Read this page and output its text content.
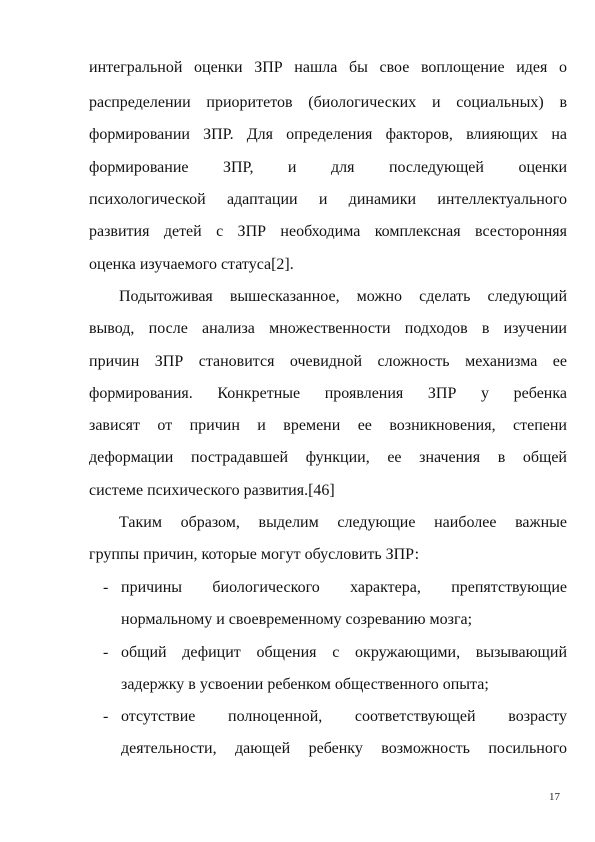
интегральной оценки ЗПР нашла бы свое воплощение идея о
распределении приоритетов (биологических и социальных) в
формировании ЗПР. Для определения факторов, влияющих на
формирование ЗПР, и для последующей оценки
психологической адаптации и динамики интеллектуального
развития детей с ЗПР необходима комплексная всесторонняя
оценка изучаемого статуса[2].
Подытоживая вышесказанное, можно сделать следующий
вывод, после анализа множественности подходов в изучении
причин ЗПР становится очевидной сложность механизма ее
формирования. Конкретные проявления ЗПР у ребенка
зависят от причин и времени ее возникновения, степени
деформации пострадавшей функции, ее значения в общей
системе психического развития.[46]
Таким образом, выделим следующие наиболее важные
группы причин, которые могут обусловить ЗПР:
- причины биологического характера, препятствующие
нормальному и своевременному созреванию мозга;
- общий дефицит общения с окружающими, вызывающий
задержку в усвоении ребенком общественного опыта;
- отсутствие полноценной, соответствующей возрасту
деятельности, дающей ребенку возможность посильного
17
